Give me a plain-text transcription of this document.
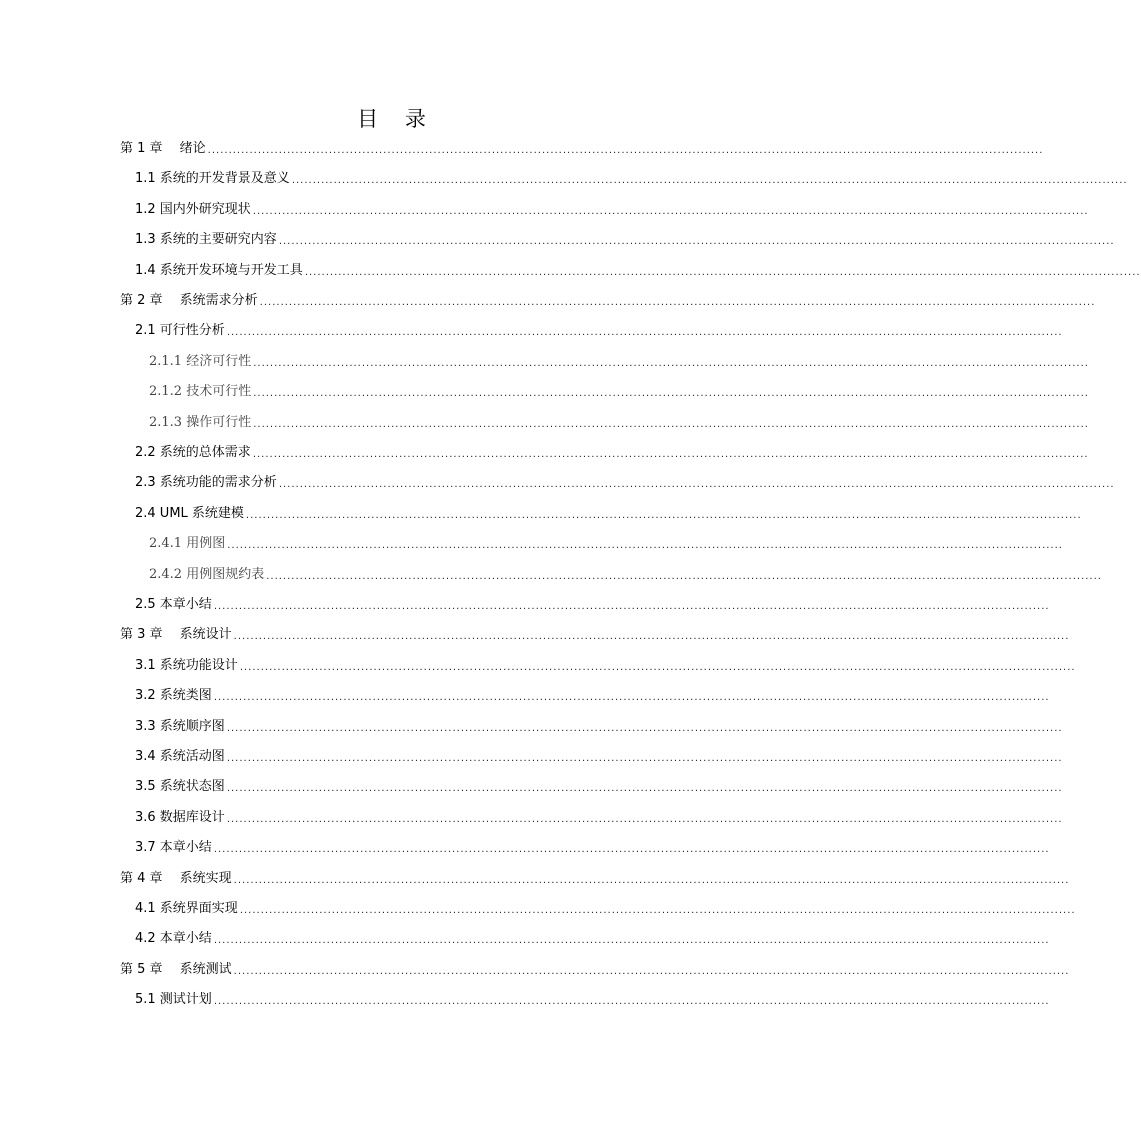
目 录
第 1 章　 绪论 ........................................................................................................................................................................................................
1.1 系统的开发背景及意义 ........................................................................................................................................................................................................
1.2 国内外研究现状 ........................................................................................................................................................................................................
1.3 系统的主要研究内容 ........................................................................................................................................................................................................
1.4 系统开发环境与开发工具 ........................................................................................................................................................................................................
第 2 章　 系统需求分析 ........................................................................................................................................................................................................
2.1 可行性分析 ........................................................................................................................................................................................................
2.1.1 经济可行性 ........................................................................................................................................................................................................
2.1.2 技术可行性 ........................................................................................................................................................................................................
2.1.3 操作可行性 ........................................................................................................................................................................................................
2.2 系统的总体需求 ........................................................................................................................................................................................................
2.3 系统功能的需求分析 ........................................................................................................................................................................................................
2.4 UML 系统建模 ........................................................................................................................................................................................................
2.4.1 用例图 ........................................................................................................................................................................................................
2.4.2 用例图规约表 ........................................................................................................................................................................................................
2.5 本章小结 ........................................................................................................................................................................................................
第 3 章　 系统设计 ........................................................................................................................................................................................................
3.1 系统功能设计 ........................................................................................................................................................................................................
3.2 系统类图 ........................................................................................................................................................................................................
3.3 系统顺序图 ........................................................................................................................................................................................................
3.4 系统活动图 ........................................................................................................................................................................................................
3.5 系统状态图 ........................................................................................................................................................................................................
3.6 数据库设计 ........................................................................................................................................................................................................
3.7 本章小结 ........................................................................................................................................................................................................
第 4 章　 系统实现 ........................................................................................................................................................................................................
4.1 系统界面实现 ........................................................................................................................................................................................................
4.2 本章小结 ........................................................................................................................................................................................................
第 5 章　 系统测试 ........................................................................................................................................................................................................
5.1 测试计划 ........................................................................................................................................................................................................
